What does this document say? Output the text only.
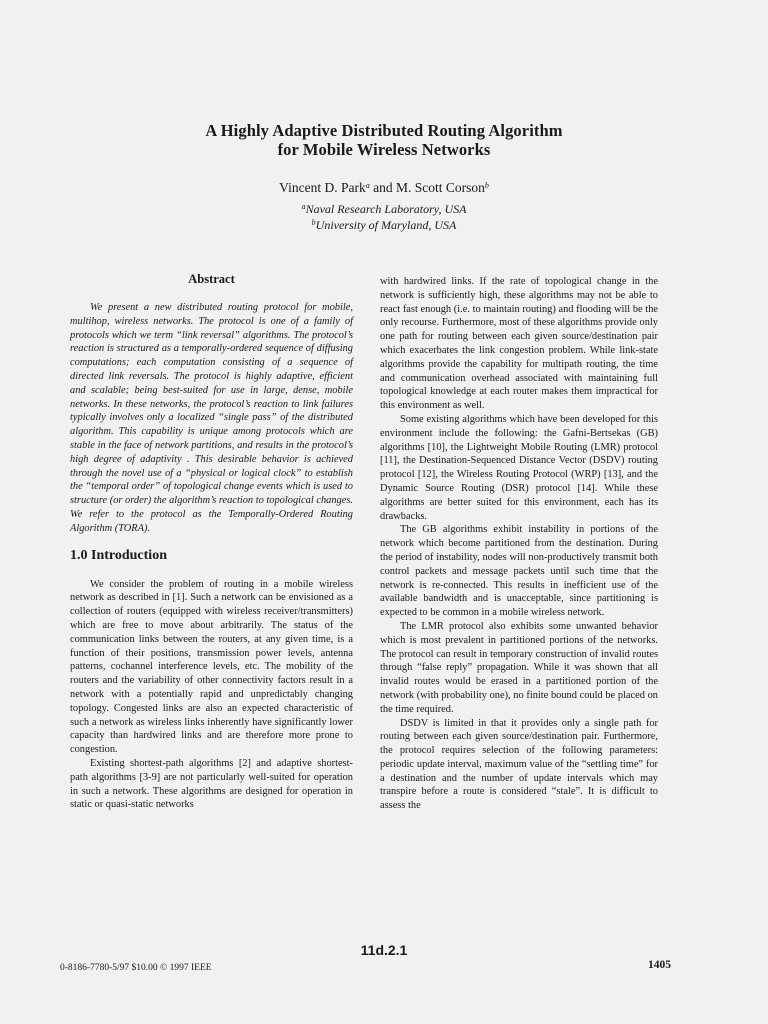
A Highly Adaptive Distributed Routing Algorithm
for Mobile Wireless Networks
Vincent D. Park$^a$ and M. Scott Corson$^b$
$^a$Naval Research Laboratory, USA
$^b$University of Maryland, USA
Abstract

We present a new distributed routing protocol for mobile, multihop, wireless networks. The protocol is one of a family of protocols which we term “link reversal” algorithms. The protocol’s reaction is structured as a temporally-ordered sequence of diffusing computations; each computation consisting of a sequence of directed link reversals. The protocol is highly adaptive, efficient and scalable; being best-suited for use in large, dense, mobile networks. In these networks, the protocol’s reaction to link failures typically involves only a localized “single pass” of the distributed algorithm. This capability is unique among protocols which are stable in the face of network partitions, and results in the protocol’s high degree of adaptivity . This desirable behavior is achieved through the novel use of a “physical or logical clock” to establish the “temporal order” of topological change events which is used to structure (or order) the algorithm’s reaction to topological changes. We refer to the protocol as the Temporally-Ordered Routing Algorithm (TORA).

1.0 Introduction

We consider the problem of routing in a mobile wireless network as described in [1]. Such a network can be envisioned as a collection of routers (equipped with wireless receiver/transmitters) which are free to move about arbitrarily. The status of the communication links between the routers, at any given time, is a function of their positions, transmission power levels, antenna patterns, cochannel interference levels, etc. The mobility of the routers and the variability of other connectivity factors result in a network with a potentially rapid and unpredictably changing topology. Congested links are also an expected characteristic of such a network as wireless links inherently have significantly lower capacity than hardwired links and are therefore more prone to congestion.

Existing shortest-path algorithms [2] and adaptive shortest-path algorithms [3-9] are not particularly well-suited for operation in such a network. These algorithms are designed for operation in static or quasi-static networks

with hardwired links. If the rate of topological change in the network is sufficiently high, these algorithms may not be able to react fast enough (i.e. to maintain routing) and flooding will be the only recourse. Furthermore, most of these algorithms provide only one path for routing between each given source/destination pair which exacerbates the link congestion problem. While link-state algorithms provide the capability for multipath routing, the time and communication overhead associated with maintaining full topological knowledge at each router makes them impractical for this environment as well.

Some existing algorithms which have been developed for this environment include the following: the Gafni-Bertsekas (GB) algorithms [10], the Lightweight Mobile Routing (LMR) protocol [11], the Destination-Sequenced Distance Vector (DSDV) routing protocol [12], the Wireless Routing Protocol (WRP) [13], and the Dynamic Source Routing (DSR) protocol [14]. While these algorithms are better suited for this environment, each has its drawbacks.

The GB algorithms exhibit instability in portions of the network which become partitioned from the destination. During the period of instability, nodes will non-productively transmit both control packets and message packets until such time that the network is re-connected. This results in inefficient use of the available bandwidth and is unacceptable, since partitioning is expected to be common in a mobile wireless network.

The LMR protocol also exhibits some unwanted behavior which is most prevalent in partitioned portions of the networks. The protocol can result in temporary construction of invalid routes through “false reply” propagation. While it was shown that all invalid routes would be erased in a partitioned portion of the network (with probability one), no finite bound could be placed on the time required.

DSDV is limited in that it provides only a single path for routing between each given source/destination pair. Furthermore, the protocol requires selection of the following parameters: periodic update interval, maximum value of the “settling time” for a destination and the number of update intervals which may transpire before a route is considered “stale”. It is difficult to assess the

0-8186-7780-5/97 $10.00 © 1997 IEEE
11d.2.1
1405
